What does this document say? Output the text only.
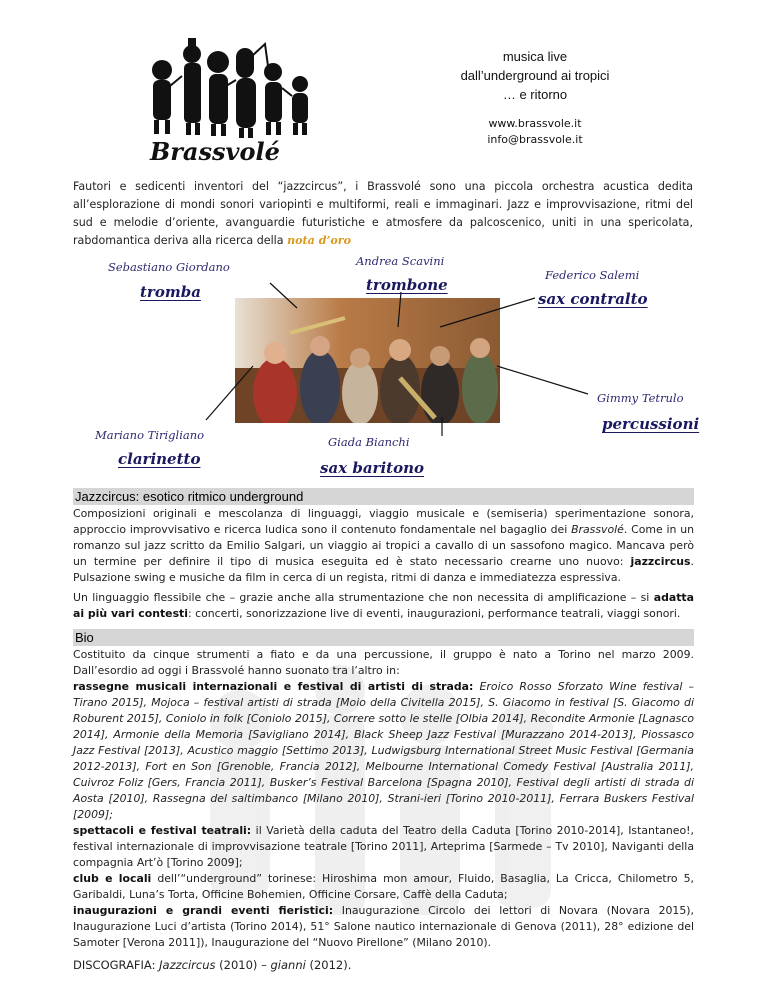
Brassvolé
musica live
dall’underground ai tropici
… e ritorno
www.brassvole.it
info@brassvole.it
Fautori e sedicenti inventori del “jazzcircus”, i Brassvolé sono una piccola orchestra acustica dedita all’esplorazione di mondi sonori variopinti e multiformi, reali e immaginari. Jazz e improvvisazione, ritmi del sud e melodie d’oriente, avanguardie futuristiche e atmosfere da palcoscenico, uniti in una spericolata, rabdomantica deriva alla ricerca della nota d’oro
Sebastiano Giordano
tromba
Andrea Scavini
trombone
Federico Salemi
sax contralto
Gimmy Tetrulo
percussioni
Mariano Tirigliano
clarinetto
Giada Bianchi
sax baritono
Jazzcircus: esotico ritmico underground
Composizioni originali e mescolanza di linguaggi, viaggio musicale e (semiseria) sperimentazione sonora, approccio improvvisativo e ricerca ludica sono il contenuto fondamentale nel bagaglio dei Brassvolé. Come in un romanzo sul jazz scritto da Emilio Salgari, un viaggio ai tropici a cavallo di un sassofono magico. Mancava però un termine per definire il tipo di musica eseguita ed è stato necessario crearne uno nuovo: jazzcircus. Pulsazione swing e musiche da film in cerca di un regista, ritmi di danza e immediatezza espressiva.
Un linguaggio flessibile che – grazie anche alla strumentazione che non necessita di amplificazione – si adatta ai più vari contesti: concerti, sonorizzazione live di eventi, inaugurazioni, performance teatrali, viaggi sonori.
Bio
Costituito da cinque strumenti a fiato e da una percussione, il gruppo è nato a Torino nel marzo 2009. Dall’esordio ad oggi i Brassvolé hanno suonato tra l’altro in:
rassegne musicali internazionali e festival di artisti di strada: Eroico Rosso Sforzato Wine festival – Tirano 2015], Mojoca – festival artisti di strada [Moio della Civitella 2015], S. Giacomo in festival [S. Giacomo di Roburent 2015], Coniolo in folk [Coniolo 2015], Correre sotto le stelle [Olbia 2014], Recondite Armonie [Lagnasco 2014], Armonie della Memoria [Savigliano 2014], Black Sheep Jazz Festival [Murazzano 2014-2013], Piossasco Jazz Festival [2013], Acustico maggio [Settimo 2013], Ludwigsburg International Street Music Festival [Germania 2012-2013], Fort en Son [Grenoble, Francia 2012], Melbourne International Comedy Festival [Australia 2011], Cuivroz Foliz [Gers, Francia 2011], Busker’s Festival Barcelona [Spagna 2010], Festival degli artisti di strada di Aosta [2010], Rassegna del saltimbanco [Milano 2010], Strani-ieri [Torino 2010-2011], Ferrara Buskers Festival [2009];
spettacoli e festival teatrali: il Varietà della caduta del Teatro della Caduta [Torino 2010-2014], Istantaneo!, festival internazionale di improvvisazione teatrale [Torino 2011], Arteprima [Sarmede – Tv 2010], Naviganti della compagnia Art’ò [Torino 2009];
club e locali dell’“underground” torinese: Hiroshima mon amour, Fluido, Basaglia, La Cricca, Chilometro 5, Garibaldi, Luna’s Torta, Officine Bohemien, Officine Corsare, Caffè della Caduta;
inaugurazioni e grandi eventi fieristici: Inaugurazione Circolo dei lettori di Novara (Novara 2015), Inaugurazione Luci d’artista (Torino 2014), 51° Salone nautico internazionale di Genova (2011), 28° edizione del Samoter [Verona 2011]), Inaugurazione del “Nuovo Pirellone” (Milano 2010).
DISCOGRAFIA: Jazzcircus (2010) – gianni (2012).
